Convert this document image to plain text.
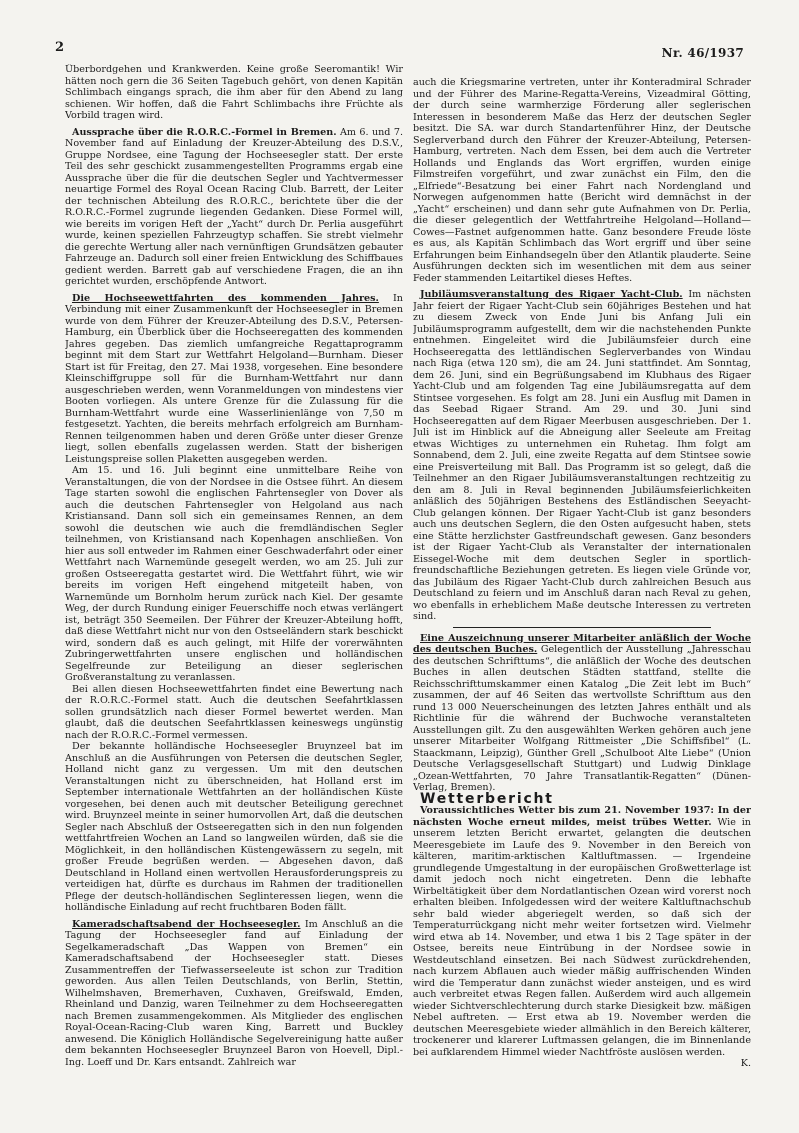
2	Nr. 46/1937

Überbordgehen und Krankwerden. Keine große Seeromantik! Wir hätten noch gern die 36 Seiten Tagebuch gehört, von denen Kapitän Schlimbach eingangs sprach, die ihm aber für den Abend zu lang schienen. Wir hoffen, daß die Fahrt Schlimbachs ihre Früchte als Vorbild tragen wird.

Aussprache über die R.O.R.C.-Formel in Bremen. Am 6. und 7. November fand auf Einladung der Kreuzer-Abteilung des D.S.V., Gruppe Nordsee, eine Tagung der Hochseesegler statt. Der erste Teil des sehr geschickt zusammengestellten Programms ergab eine Aussprache über die für die deutschen Segler und Yachtvermesser neuartige Formel des Royal Ocean Racing Club. Barrett, der Leiter der technischen Abteilung des R.O.R.C., berichtete über die der R.O.R.C.-Formel zugrunde liegenden Gedanken. Diese Formel will, wie bereits im vorigen Heft der „Yacht“ durch Dr. Perlia ausgeführt wurde, keinen speziellen Fahrzeugtyp schaffen. Sie strebt vielmehr die gerechte Wertung aller nach vernünftigen Grundsätzen gebauter Fahrzeuge an. Dadurch soll einer freien Entwicklung des Schiffbaues gedient werden. Barrett gab auf verschiedene Fragen, die an ihn gerichtet wurden, erschöpfende Antwort.

Die Hochseewettfahrten des kommenden Jahres. In Verbindung mit einer Zusammenkunft der Hochseesegler in Bremen wurde von dem Führer der Kreuzer-Abteilung des D.S.V., Petersen-Hamburg, ein Überblick über die Hochseeregatten des kommenden Jahres gegeben. Das ziemlich umfangreiche Regattaprogramm beginnt mit dem Start zur Wettfahrt Helgoland—Burnham. Dieser Start ist für Freitag, den 27. Mai 1938, vorgesehen. Eine besondere Kleinschiffgruppe soll für die Burnham-Wettfahrt nur dann ausgeschrieben werden, wenn Voranmeldungen von mindestens vier Booten vorliegen. Als untere Grenze für die Zulassung für die Burnham-Wettfahrt wurde eine Wasserlinienlänge von 7,50 m festgesetzt. Yachten, die bereits mehrfach erfolgreich am Burnham-Rennen teilgenommen haben und deren Größe unter dieser Grenze liegt, sollen ebenfalls zugelassen werden. Statt der bisherigen Leistungspreise sollen Plaketten ausgegeben werden.

Am 15. und 16. Juli beginnt eine unmittelbare Reihe von Veranstaltungen, die von der Nordsee in die Ostsee führt. An diesem Tage starten sowohl die englischen Fahrtensegler von Dover als auch die deutschen Fahrtensegler von Helgoland aus nach Kristiansand. Dann soll sich ein gemeinsames Rennen, an dem sowohl die deutschen wie auch die fremdländischen Segler teilnehmen, von Kristiansand nach Kopenhagen anschließen. Von hier aus soll entweder im Rahmen einer Geschwaderfahrt oder einer Wettfahrt nach Warnemünde gesegelt werden, wo am 25. Juli zur großen Ostseeregatta gestartet wird. Die Wettfahrt führt, wie wir bereits im vorigen Heft eingehend mitgeteilt haben, von Warnemünde um Bornholm herum zurück nach Kiel. Der gesamte Weg, der durch Rundung einiger Feuerschiffe noch etwas verlängert ist, beträgt 350 Seemeilen. Der Führer der Kreuzer-Abteilung hofft, daß diese Wettfahrt nicht nur von den Ostseeländern stark beschickt wird, sondern daß es auch gelingt, mit Hilfe der vorerwähnten Zubringerwettfahrten unsere englischen und holländischen Segelfreunde zur Beteiligung an dieser seglerischen Großveranstaltung zu veranlassen.

Bei allen diesen Hochseewettfahrten findet eine Bewertung nach der R.O.R.C.-Formel statt. Auch die deutschen Seefahrtklassen sollen grundsätzlich nach dieser Formel bewertet werden. Man glaubt, daß die deutschen Seefahrtklassen keineswegs ungünstig nach der R.O.R.C.-Formel vermessen.

Der bekannte holländische Hochseesegler Bruynzeel bat im Anschluß an die Ausführungen von Petersen die deutschen Segler, Holland nicht ganz zu vergessen. Um mit den deutschen Veranstaltungen nicht zu überschneiden, hat Holland erst im September internationale Wettfahrten an der holländischen Küste vorgesehen, bei denen auch mit deutscher Beteiligung gerechnet wird. Bruynzeel meinte in seiner humorvollen Art, daß die deutschen Segler nach Abschluß der Ostseeregatten sich in den nun folgenden wettfahrtfreien Wochen an Land so langweilen würden, daß sie die Möglichkeit, in den holländischen Küstengewässern zu segeln, mit großer Freude begrüßen werden. — Abgesehen davon, daß Deutschland in Holland einen wertvollen Herausforderungspreis zu verteidigen hat, dürfte es durchaus im Rahmen der traditionellen Pflege der deutsch-holländischen Seglinteressen liegen, wenn die holländische Einladung auf recht fruchtbaren Boden fällt.

Kameradschaftsabend der Hochseesegler. Im Anschluß an die Tagung der Hochseesegler fand auf Einladung der Segelkameradschaft „Das Wappen von Bremen“ ein Kameradschaftsabend der Hochseesegler statt. Dieses Zusammentreffen der Tiefwasserseeleute ist schon zur Tradition geworden. Aus allen Teilen Deutschlands, von Berlin, Stettin, Wilhelmshaven, Bremerhaven, Cuxhaven, Greifswald, Emden, Rheinland und Danzig, waren Teilnehmer zu dem Hochseeregatten nach Bremen zusammengekommen. Als Mitglieder des englischen Royal-Ocean-Racing-Club waren King, Barrett und Buckley anwesend. Die Königlich Holländische Segelvereinigung hatte außer dem bekannten Hochseesegler Bruynzeel Baron von Hoevell, Dipl.-Ing. Loeff und Dr. Kars entsandt. Zahlreich war

auch die Kriegsmarine vertreten, unter ihr Konteradmiral Schrader und der Führer des Marine-Regatta-Vereins, Vizeadmiral Götting, der durch seine warmherzige Förderung aller seglerischen Interessen in besonderem Maße das Herz der deutschen Segler besitzt. Die SA. war durch Standartenführer Hinz, der Deutsche Seglerverband durch den Führer der Kreuzer-Abteilung, Petersen-Hamburg, vertreten. Nach dem Essen, bei dem auch die Vertreter Hollands und Englands das Wort ergriffen, wurden einige Filmstreifen vorgeführt, und zwar zunächst ein Film, den die „Elfriede“-Besatzung bei einer Fahrt nach Nordengland und Norwegen aufgenommen hatte (Bericht wird demnächst in der „Yacht“ erscheinen) und dann sehr gute Aufnahmen von Dr. Perlia, die dieser gelegentlich der Wettfahrtreihe Helgoland—Holland—Cowes—Fastnet aufgenommen hatte. Ganz besondere Freude löste es aus, als Kapitän Schlimbach das Wort ergriff und über seine Erfahrungen beim Einhandsegeln über den Atlantik plauderte. Seine Ausführungen deckten sich im wesentlichen mit dem aus seiner Feder stammenden Leitartikel dieses Heftes.

Jubiläumsveranstaltung des Rigaer Yacht-Club. Im nächsten Jahr feiert der Rigaer Yacht-Club sein 60jähriges Bestehen und hat zu diesem Zweck von Ende Juni bis Anfang Juli ein Jubiläumsprogramm aufgestellt, dem wir die nachstehenden Punkte entnehmen. Eingeleitet wird die Jubiläumsfeier durch eine Hochseeregatta des lettländischen Seglerverbandes von Windau nach Riga (etwa 120 sm), die am 24. Juni stattfindet. Am Sonntag, dem 26. Juni, sind ein Begrüßungsabend im Klubhaus des Rigaer Yacht-Club und am folgenden Tag eine Jubiläumsregatta auf dem Stintsee vorgesehen. Es folgt am 28. Juni ein Ausflug mit Damen in das Seebad Rigaer Strand. Am 29. und 30. Juni sind Hochseeregatten auf dem Rigaer Meerbusen ausgeschrieben. Der 1. Juli ist im Hinblick auf die Abneigung aller Seeleute am Freitag etwas Wichtiges zu unternehmen ein Ruhetag. Ihm folgt am Sonnabend, dem 2. Juli, eine zweite Regatta auf dem Stintsee sowie eine Preisverteilung mit Ball. Das Programm ist so gelegt, daß die Teilnehmer an den Rigaer Jubiläumsveranstaltungen rechtzeitig zu den am 8. Juli in Reval beginnenden Jubiläumsfeierlichkeiten anläßlich des 50jährigen Bestehens des Estländischen Seeyacht-Club gelangen können. Der Rigaer Yacht-Club ist ganz besonders auch uns deutschen Seglern, die den Osten aufgesucht haben, stets eine Stätte herzlichster Gastfreundschaft gewesen. Ganz besonders ist der Rigaer Yacht-Club als Veranstalter der internationalen Eissegel-Woche mit dem deutschen Segler in sportlich-freundschaftliche Beziehungen getreten. Es liegen viele Gründe vor, das Jubiläum des Rigaer Yacht-Club durch zahlreichen Besuch aus Deutschland zu feiern und im Anschluß daran nach Reval zu gehen, wo ebenfalls in erheblichem Maße deutsche Interessen zu vertreten sind.

Eine Auszeichnung unserer Mitarbeiter anläßlich der Woche des deutschen Buches. Gelegentlich der Ausstellung „Jahresschau des deutschen Schrifttums“, die anläßlich der Woche des deutschen Buches in allen deutschen Städten stattfand, stellte die Reichsschrifttumskammer einen Katalog „Die Zeit lebt im Buch“ zusammen, der auf 46 Seiten das wertvollste Schrifttum aus den rund 13 000 Neuerscheinungen des letzten Jahres enthält und als Richtlinie für die während der Buchwoche veranstalteten Ausstellungen gilt. Zu den ausgewählten Werken gehören auch jene unserer Mitarbeiter Wolfgang Rittmeister „Die Schiffsfibel“ (L. Staackmann, Leipzig), Günther Grell „Schulboot Alte Liebe“ (Union Deutsche Verlagsgesellschaft Stuttgart) und Ludwig Dinklage „Ozean-Wettfahrten, 70 Jahre Transatlantik-Regatten“ (Dünen-Verlag, Bremen).

Wetterbericht

Voraussichtliches Wetter bis zum 21. November 1937: In der nächsten Woche erneut mildes, meist trübes Wetter. Wie in unserem letzten Bericht erwartet, gelangten die deutschen Meeresgebiete im Laufe des 9. November in den Bereich von kälteren, maritim-arktischen Kaltluftmassen. — Irgendeine grundlegende Umgestaltung in der europäischen Großwetterlage ist damit jedoch noch nicht eingetreten. Denn die lebhafte Wirbeltätigkeit über dem Nordatlantischen Ozean wird vorerst noch erhalten bleiben. Infolgedessen wird der weitere Kaltluftnachschub sehr bald wieder abgeriegelt werden, so daß sich der Temperaturrückgang nicht mehr weiter fortsetzen wird. Vielmehr wird etwa ab 14. November, und etwa 1 bis 2 Tage später in der Ostsee, bereits neue Eintrübung in der Nordsee sowie in Westdeutschland einsetzen. Bei nach Südwest zurückdrehenden, nach kurzem Abflauen auch wieder mäßig auffrischenden Winden wird die Temperatur dann zunächst wieder ansteigen, und es wird auch verbreitet etwas Regen fallen. Außerdem wird auch allgemein wieder Sichtverschlechterung durch starke Diesigkeit bzw. mäßigen Nebel auftreten. — Erst etwa ab 19. November werden die deutschen Meeresgebiete wieder allmählich in den Bereich kälterer, trockenerer und klarerer Luftmassen gelangen, die im Binnenlande bei aufklarendem Himmel wieder Nachtfröste auslösen werden.

K.
